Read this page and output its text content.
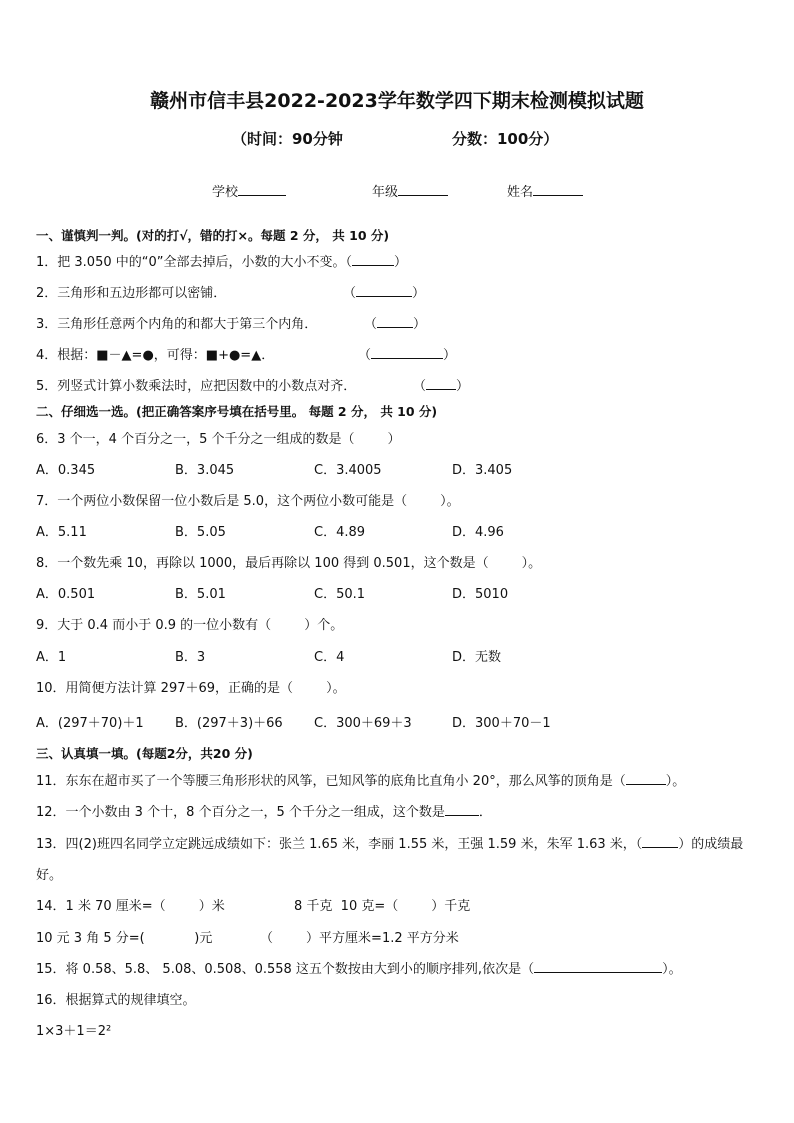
赣州市信丰县2022-2023学年数学四下期末检测模拟试题
（时间：90分钟	分数：100分）
学校	年级	姓名
一、谨慎判一判。(对的打√，错的打×。每题 2 分， 共 10 分)
1．把 3.050 中的“0”全部去掉后，小数的大小不变。（	）
2．三角形和五边形都可以密铺．	（	）
3．三角形任意两个内角的和都大于第三个内角．	（	）
4．根据：■－▲=●，可得：■+●=▲．	（	）
5．列竖式计算小数乘法时，应把因数中的小数点对齐．	（ ）
二、仔细选一选。(把正确答案序号填在括号里。 每题 2 分， 共 10 分)
6．3 个一，4 个百分之一，5 个千分之一组成的数是（        ）
A．0.345	B．3.045	C．3.4005	D．3.405
7．一个两位小数保留一位小数后是 5.0，这个两位小数可能是（        ）。
A．5.11	B．5.05	C．4.89	D．4.96
8．一个数先乘 10，再除以 1000，最后再除以 100 得到 0.501，这个数是（        ）。
A．0.501	B．5.01	C．50.1	D．5010
9．大于 0.4 而小于 0.9 的一位小数有（        ）个。
A．1	B．3	C．4	D．无数
10．用简便方法计算 297＋69，正确的是（        ）。
A．(297＋70)＋1 B．(297＋3)＋66 C．300＋69＋3	D．300＋70－1
三、认真填一填。(每题2分，共20 分)
11．东东在超市买了一个等腰三角形形状的风筝，已知风筝的底角比直角小 20°，那么风筝的顶角是（	）。
12．一个小数由 3 个十，8 个百分之一，5 个千分之一组成，这个数是	．
13．四(2)班四名同学立定跳远成绩如下：张兰 1.65 米，李丽 1.55 米，王强 1.59 米，朱军 1.63 米，（	）的成绩最
好。
14．1 米 70 厘米=（        ）米	8 千克  10 克=（        ）千克
10 元 3 角 5 分=(            )元	（        ）平方厘米=1.2 平方分米
15．将 0.58、5.8、 5.08、0.508、0.558 这五个数按由大到小的顺序排列,依次是（	）。
16．根据算式的规律填空。
1×3＋1＝2²
